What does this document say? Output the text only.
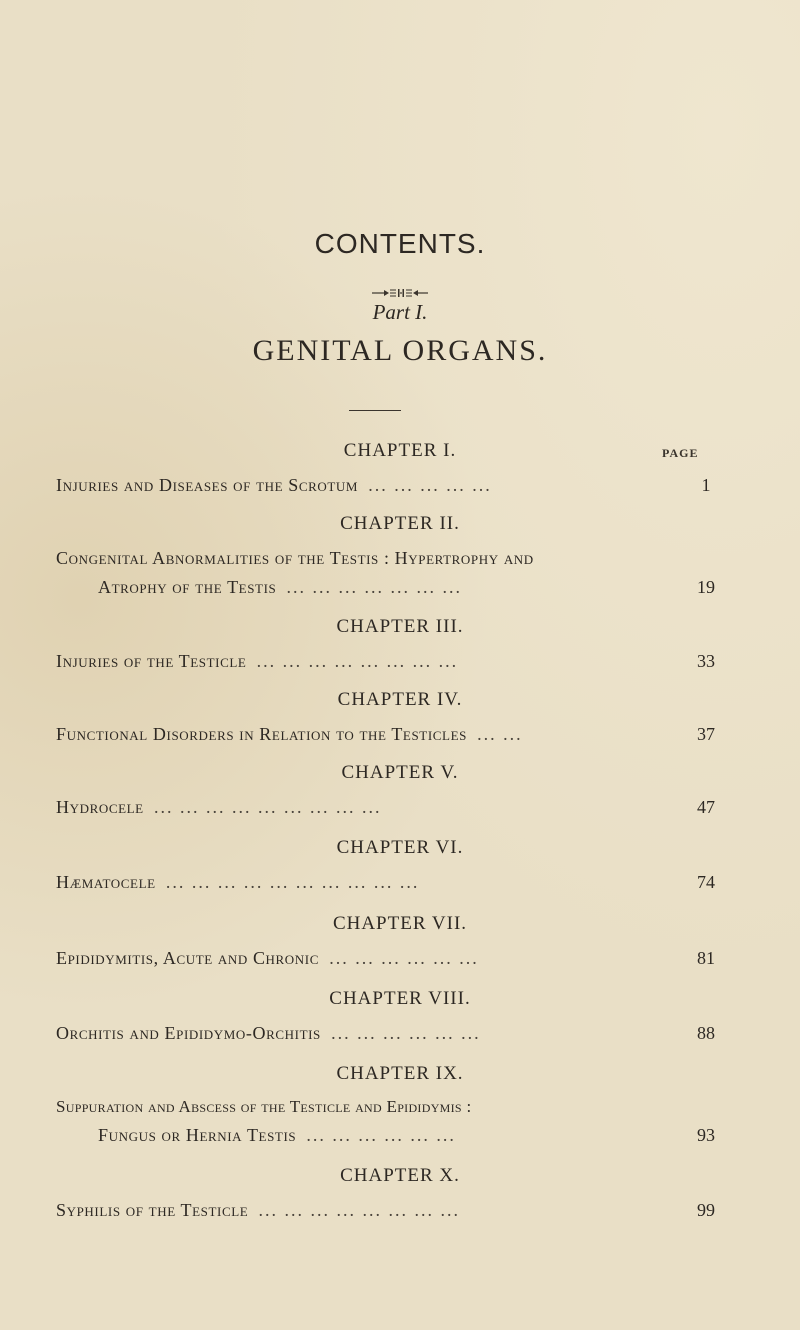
CONTENTS.
Part I.
GENITAL ORGANS.
PAGE
CHAPTER I.
Injuries and Diseases of the Scrotum ... ... ... ... ...	1
CHAPTER II.
Congenital Abnormalities of the Testis : Hypertrophy and
Atrophy of the Testis ... ... ... ... ... ... ...	19
CHAPTER III.
Injuries of the Testicle ... ... ... ... ... ... ... ...	33
CHAPTER IV.
Functional Disorders in Relation to the Testicles ... ...	37
CHAPTER V.
Hydrocele ... ... ... ... ... ... ... ... ...	47
CHAPTER VI.
Hæmatocele ... ... ... ... ... ... ... ... ... ...	74
CHAPTER VII.
Epididymitis, Acute and Chronic ... ... ... ... ... ...	81
CHAPTER VIII.
Orchitis and Epididymo-Orchitis ... ... ... ... ... ...	88
CHAPTER IX.
Suppuration and Abscess of the Testicle and Epididymis :
Fungus or Hernia Testis ... ... ... ... ... ...	93
CHAPTER X.
Syphilis of the Testicle ... ... ... ... ... ... ... ...	99
